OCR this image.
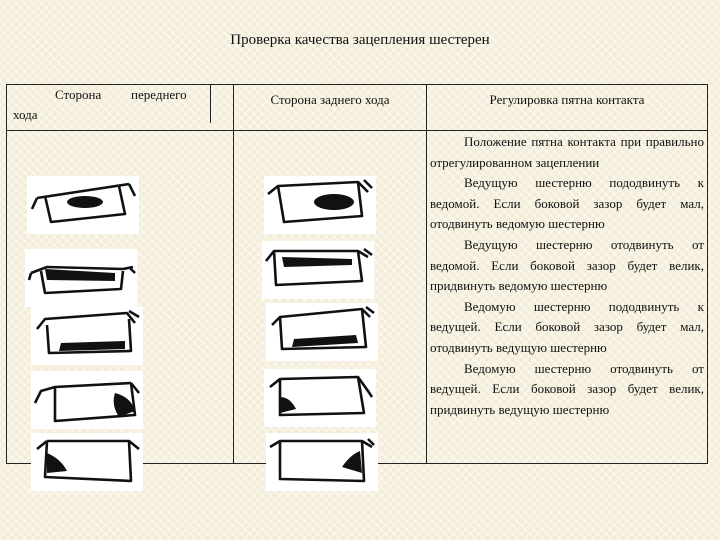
Проверка качества зацепления шестерен
Сторона переднего
хода	Сторона заднего хода	Регулировка пятна контакта

Положение пятна контакта при правильно отрегулированном зацеплении

Ведущую шестерню пододвинуть к ведомой. Если боковой зазор будет мал, отодвинуть ведомую шестерню

Ведущую шестерню отодвинуть от ведомой. Если боковой зазор будет велик, придвинуть ведомую шестерню

Ведомую шестерню пододвинуть к ведущей. Если боковой зазор будет мал, отодвинуть ведущую шестерню

Ведомую шестерню отодвинуть от ведущей. Если боковой зазор будет велик, придвинуть ведущую шестерню
